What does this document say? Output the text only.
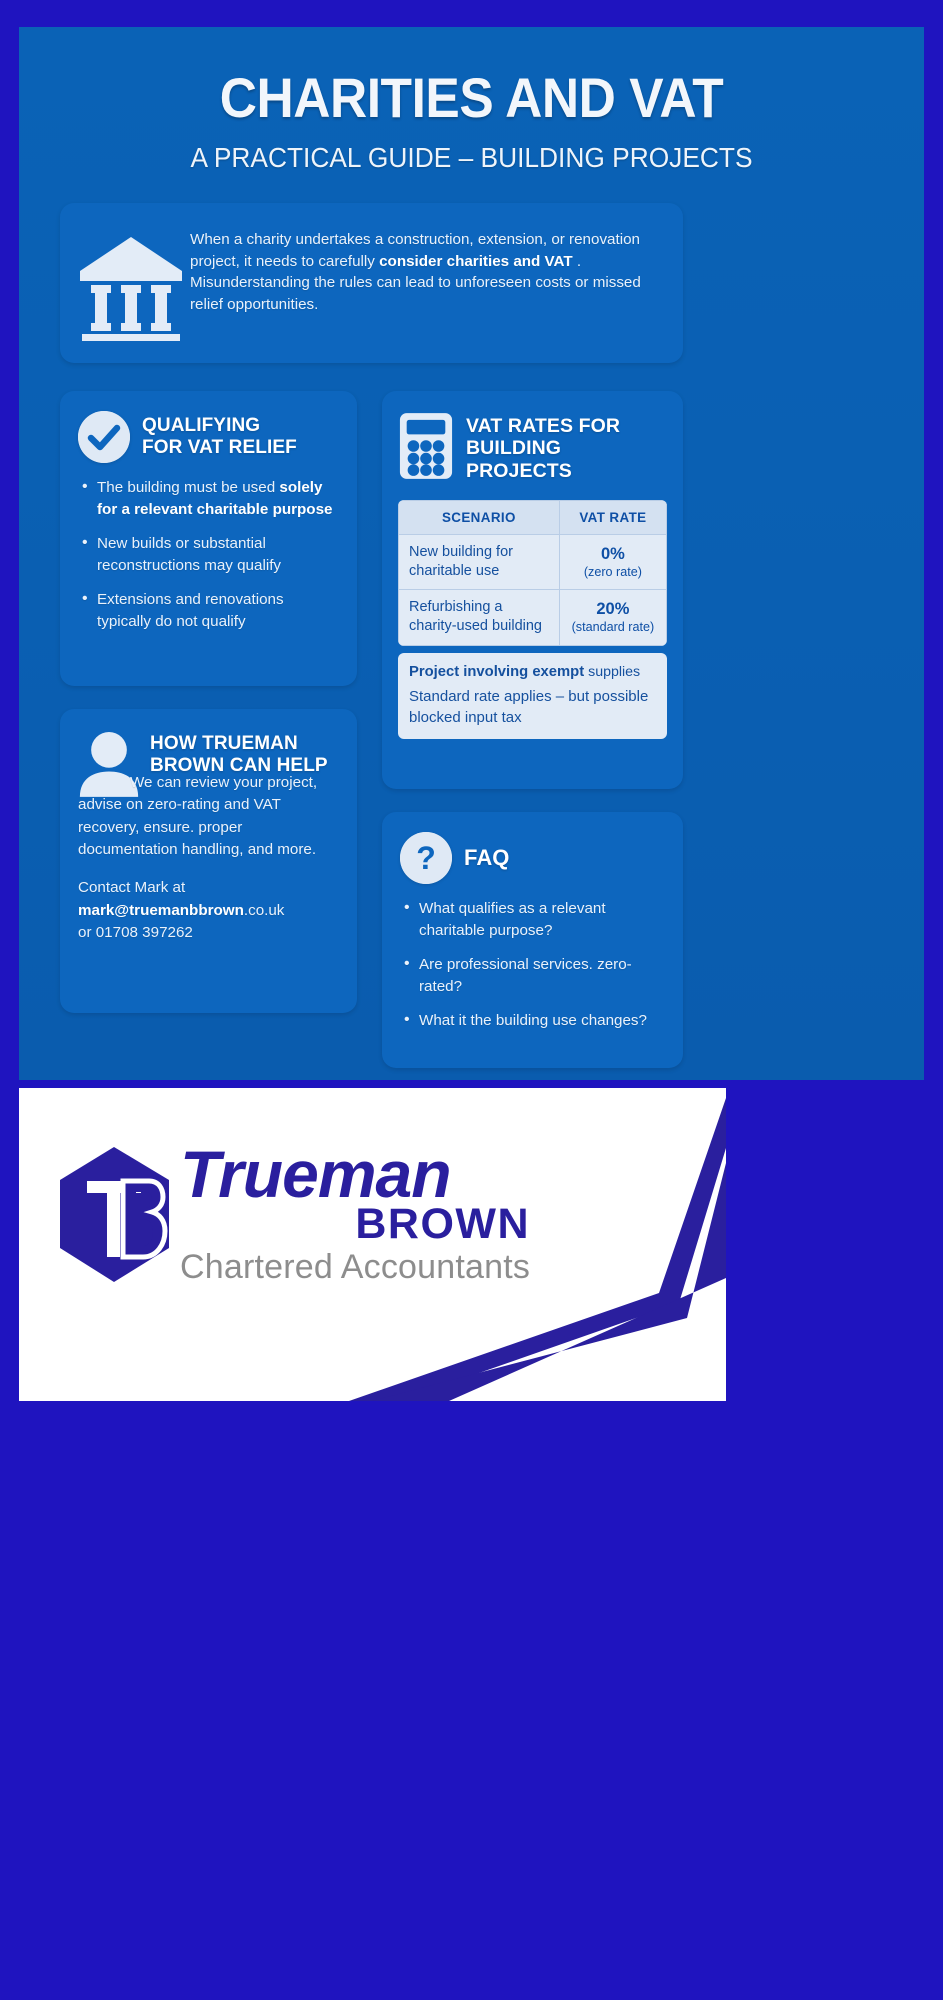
CHARITIES AND VAT
A PRACTICAL GUIDE – BUILDING PROJECTS
When a charity undertakes a construction, extension, or renovation project, it needs to carefully consider charities and VAT . Misunderstanding the rules can lead to unforeseen costs or missed relief opportunities.
QUALIFYING
FOR VAT RELIEF
• The building must be used solely for a relevant charitable purpose
• New builds or substantial reconstructions may qualify
• Extensions and renovations typically do not qualify
VAT RATES FOR
BUILDING
PROJECTS
SCENARIO	VAT RATE
New building for charitable use	0%
(zero rate)

Refurbishing a charity-used building	20%
(standard rate)
Project involving exempt supplies
Standard rate applies – but possible blocked input tax
HOW TRUEMAN
BROWN CAN HELP
We can review your project, advise on zero-rating and VAT recovery, ensure. proper documentation handling, and more.
Contact Mark at
mark@truemanbbrown.co.uk
or 01708 397262
? FAQ
• What qualifies as a relevant charitable purpose?
• Are professional services. zero-rated?
• What it the building use changes?
Trueman
BROWN
Chartered Accountants
